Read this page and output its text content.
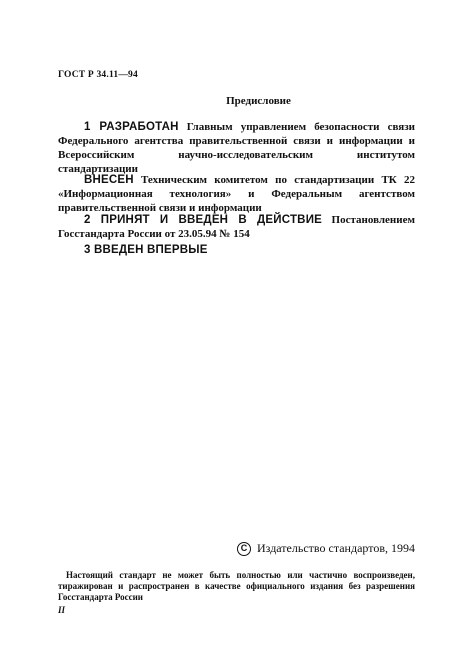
ГОСТ Р 34.11—94
Предисловие
1 РАЗРАБОТАН Главным управлением безопасности связи Федерального агентства правительственной связи и информации и Всероссийским научно-исследовательским институтом стандартизации
ВНЕСЕН Техническим комитетом по стандартизации ТК 22 «Информационная технология» и Федеральным агентством правительственной связи и информации
2 ПРИНЯТ И ВВЕДЕН В ДЕЙСТВИЕ Постановлением Госстандарта России от 23.05.94 № 154
3 ВВЕДЕН ВПЕРВЫЕ
C Издательство стандартов, 1994
Настоящий стандарт не может быть полностью или частично воспроизведен, тиражирован и распространен в качестве официального издания без разрешения Госстандарта России
II
